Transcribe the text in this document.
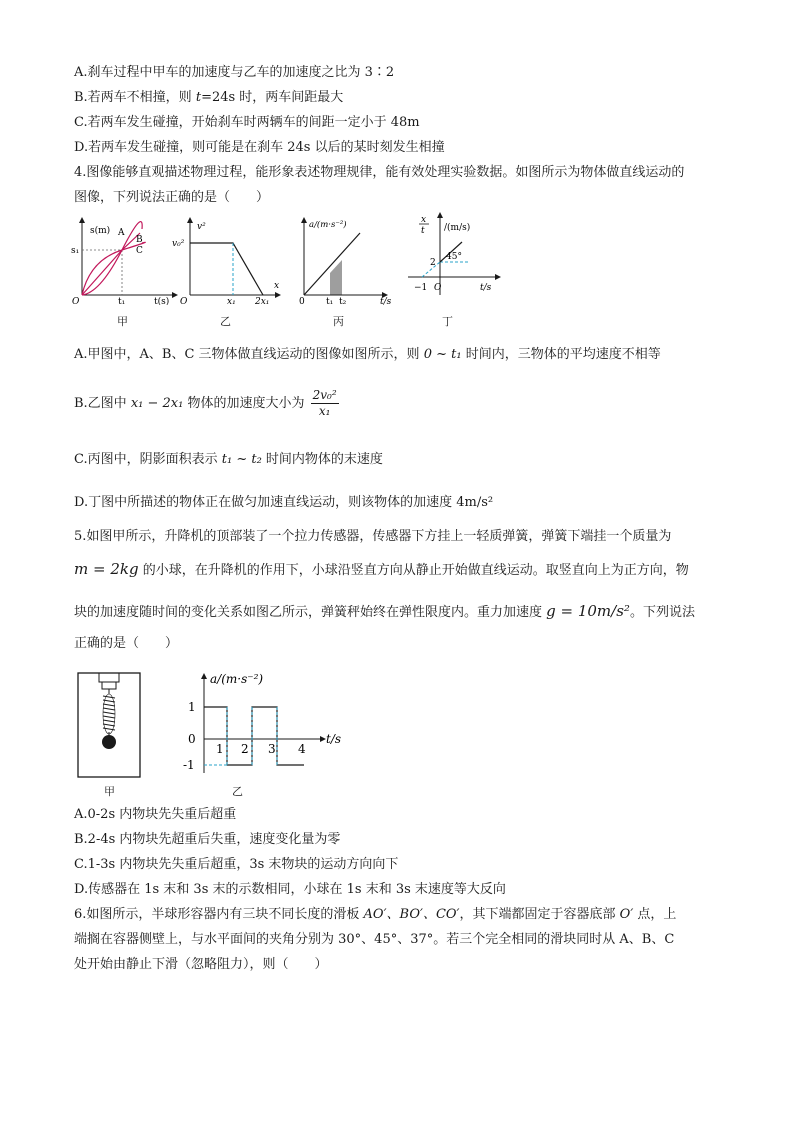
A.刹车过程中甲车的加速度与乙车的加速度之比为 3∶2
B.若两车不相撞，则 t=24s 时，两车间距最大
C.若两车发生碰撞，开始刹车时两辆车的间距一定小于 48m
D.若两车发生碰撞，则可能是在刹车 24s 以后的某时刻发生相撞
4.图像能够直观描述物理过程，能形象表述物理规律，能有效处理实验数据。如图所示为物体做直线运动的
图像，下列说法正确的是（　　）
s(m) A
B
C
s₁
O	t₁	t(s)
v²
v₀²
O	x₁ 2x₁
x
a/(m·s⁻²)
0 t₁ t₂	t/s
x
t /(m/s)
2
45°
−1 O	t/s
甲	乙	丙	丁
A.甲图中，A、B、C 三物体做直线运动的图像如图所示，则 0 ~ t₁ 时间内，三物体的平均速度不相等
B.乙图中 x₁ − 2x₁ 物体的加速度大小为 $\frac{\text{2v₀²}}{\text{x₁}}$
C.丙图中，阴影面积表示 t₁ ~ t₂ 时间内物体的末速度
D.丁图中所描述的物体正在做匀加速直线运动，则该物体的加速度 4m/s²
5.如图甲所示，升降机的顶部装了一个拉力传感器，传感器下方挂上一轻质弹簧，弹簧下端挂一个质量为
m = 2kg 的小球，在升降机的作用下，小球沿竖直方向从静止开始做直线运动。取竖直向上为正方向，物
块的加速度随时间的变化关系如图乙所示，弹簧秤始终在弹性限度内。重力加速度 g = 10m/s²。下列说法
正确的是（　　）
a/(m·s⁻²)
1
0
-1
1 2 3 4
t/s
甲	乙
A.0-2s 内物块先失重后超重
B.2-4s 内物块先超重后失重，速度变化量为零
C.1-3s 内物块先失重后超重，3s 末物块的运动方向向下
D.传感器在 1s 末和 3s 末的示数相同，小球在 1s 末和 3s 末速度等大反向
6.如图所示，半球形容器内有三块不同长度的滑板 AO′、BO′、CO′，其下端都固定于容器底部 O′ 点，上
端搁在容器侧壁上，与水平面间的夹角分别为 30°、45°、37°。若三个完全相同的滑块同时从 A、B、C
处开始由静止下滑（忽略阻力），则（　　）
